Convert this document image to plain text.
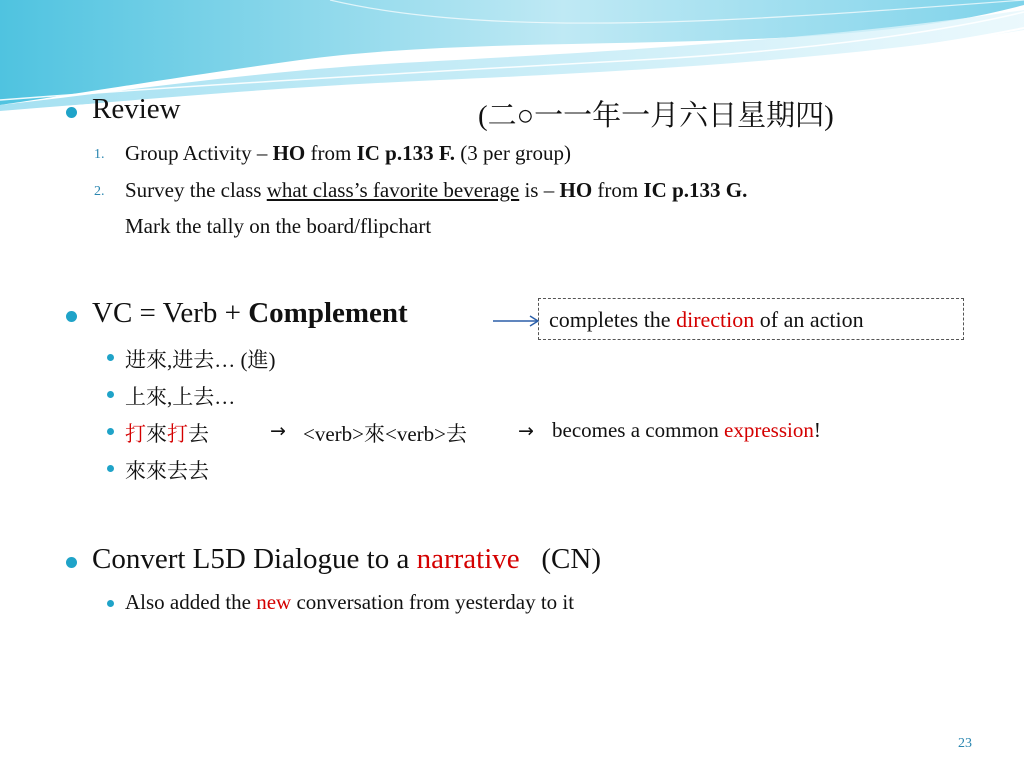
Review	(二○一一年一月六日星期四)
1. Group Activity – HO from IC p.133 F. (3 per group)
2. Survey the class what class’s favorite beverage is – HO from IC p.133 G.
Mark the tally on the board/flipchart
VC = Verb + Complement	completes the direction of an action
进來,进去… (進)
上來,上去…
打來打去	→ <verb>來<verb>去	→ becomes a common expression!
來來去去
Convert L5D Dialogue to a narrative   (CN)
Also added the new conversation from yesterday to it
23
